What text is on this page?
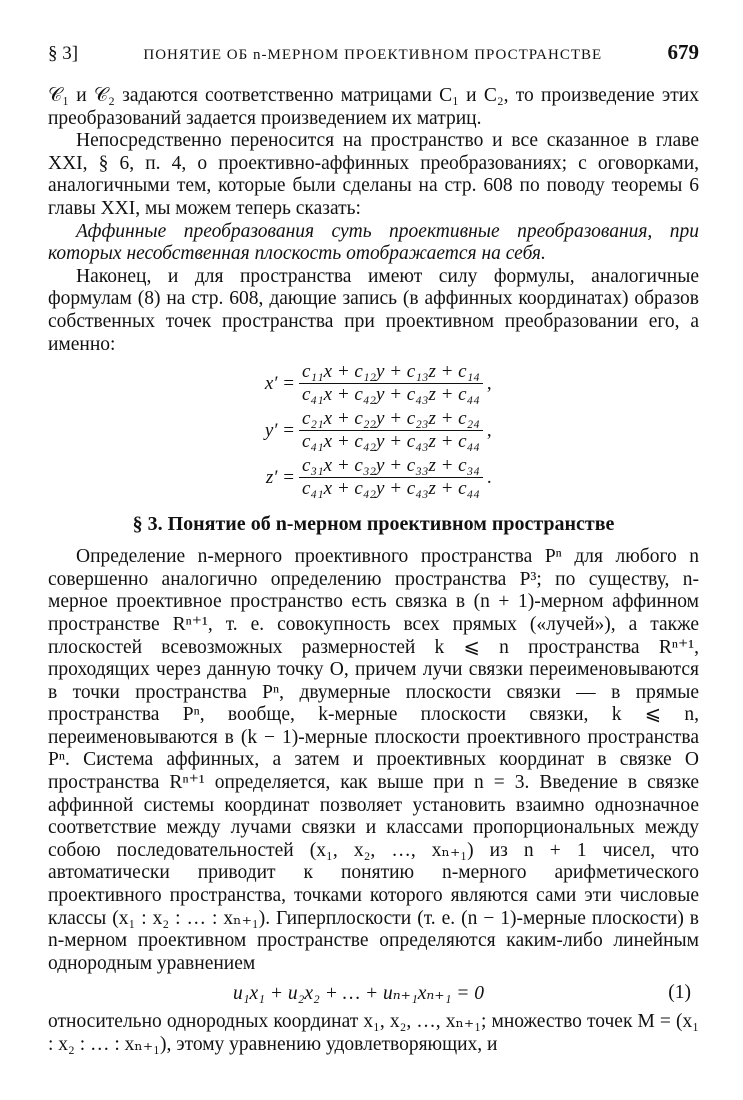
§ 3]	ПОНЯТИЕ ОБ n-МЕРНОМ ПРОЕКТИВНОМ ПРОСТРАНСТВЕ	679

𝒞₁ и 𝒞₂ задаются соответственно матрицами C₁ и C₂, то произведение этих преобразований задается произведением их матриц.

Непосредственно переносится на пространство и все сказанное в главе XXI, § 6, п. 4, о проективно-аффинных преобразованиях; с оговорками, аналогичными тем, которые были сделаны на стр. 608 по поводу теоремы 6 главы XXI, мы можем теперь сказать:

Аффинные преобразования суть проективные преобразования, при которых несобственная плоскость отображается на себя.

Наконец, и для пространства имеют силу формулы, аналогичные формулам (8) на стр. 608, дающие запись (в аффинных координатах) образов собственных точек пространства при проективном преобразовании его, а именно:

$x' = \frac{\text{c₁₁x + c₁₂y + c₁₃z + c₁₄}}{\text{c₄₁x + c₄₂y + c₄₃z + c₄₄}}$ ,
$y' = \frac{\text{c₂₁x + c₂₂y + c₂₃z + c₂₄}}{\text{c₄₁x + c₄₂y + c₄₃z + c₄₄}}$ ,
$z' = \frac{\text{c₃₁x + c₃₂y + c₃₃z + c₃₄}}{\text{c₄₁x + c₄₂y + c₄₃z + c₄₄}}$ .
§ 3. Понятие об n-мерном проективном пространстве

Определение n-мерного проективного пространства Pⁿ для любого n совершенно аналогично определению пространства P³; по существу, n-мерное проективное пространство есть связка в (n + 1)-мерном аффинном пространстве Rⁿ⁺¹, т. е. совокупность всех прямых («лучей»), а также плоскостей всевозможных размерностей k ⩽ n пространства Rⁿ⁺¹, проходящих через данную точку O, причем лучи связки переименовываются в точки пространства Pⁿ, двумерные плоскости связки — в прямые пространства Pⁿ, вообще, k-мерные плоскости связки, k ⩽ n, переименовываются в (k − 1)-мерные плоскости проективного пространства Pⁿ. Система аффинных, а затем и проективных координат в связке O пространства Rⁿ⁺¹ определяется, как выше при n = 3. Введение в связке аффинной системы координат позволяет установить взаимно однозначное соответствие между лучами связки и классами пропорциональных между собою последовательностей (x₁, x₂, …, xₙ₊₁) из n + 1 чисел, что автоматически приводит к понятию n-мерного арифметического проективного пространства, точками которого являются сами эти числовые классы (x₁ : x₂ : … : xₙ₊₁). Гиперплоскости (т. е. (n − 1)-мерные плоскости) в n-мерном проективном пространстве определяются каким-либо линейным однородным уравнением

u₁x₁ + u₂x₂ + … + uₙ₊₁xₙ₊₁ = 0	(1)

относительно однородных координат x₁, x₂, …, xₙ₊₁; множество точек M = (x₁ : x₂ : … : xₙ₊₁), этому уравнению удовлетворяющих, и
